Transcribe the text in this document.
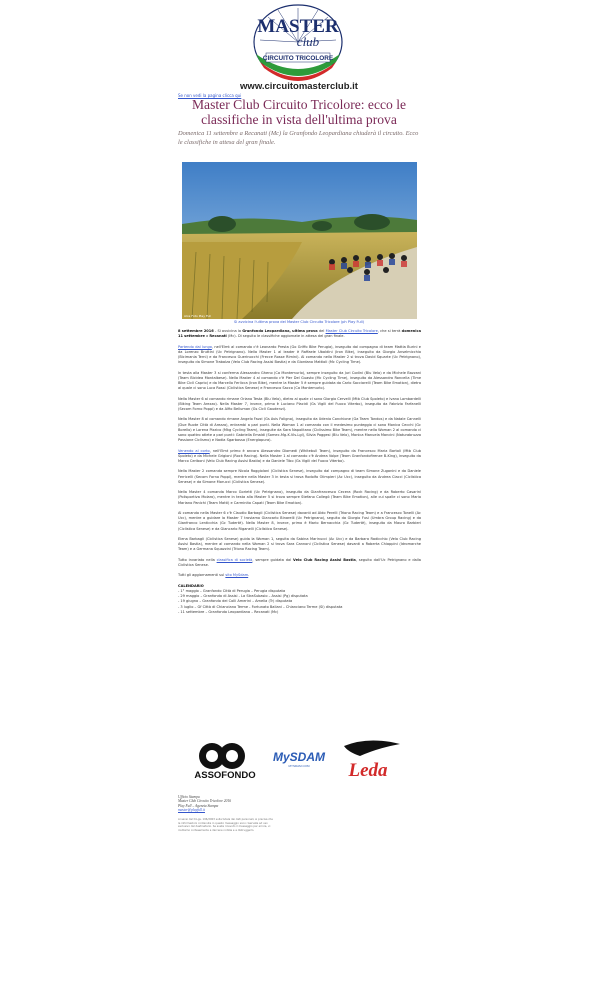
MASTER
club
CIRCUITO TRICOLORE
www.circuitomasterclub.it
Se non vedi la pagina clicca qui
Master Club Circuito Tricolore: ecco le classifiche in vista dell'ultima prova
Domenica 11 settembre a Recanati (Mc) la Granfondo Leopardiana chiuderà il circuito. Ecco le classifiche in attesa del gran finale.
Alca Foto Play Full
Si avvicina l'ultima prova del Master Club Circuito Tricolore (ph Play Full)

8 settembre 2016 - Si avvicina la Granfondo Leopardiana, ultima prova del Master Club Circuito Tricolore, che si terrà domenica 11 settembre a Recanati (Mc). Di seguito le classifiche aggiornate in attesa del gran finale.

Partendo dal lungo, nell'Elmt al comando c'è Leonardo Presta (Go Griffo Bike Perugia), inseguito dal compagno di team Mattia Burini e da Lorenzo Bruttini (Uc Petrignano). Nella Master 1 al leader è Raffaele Ubaldini (Iron Bike), inseguito da Giorgio Anselmicchio (Bicimania Terni) e da Francesco Guerinocchi (Frecce Rosse Rimini). Al comando nella Master 2 si trova David Squarte (Uc Petrignano), inseguito da Simone Trabalza (Velo Club Racing Assisi Bastia) e da Giordano Mattioli (Mc Cycling Time).

In testa alla Master 3 si conferma Alessandro Gheno (Ca Montemurlo), sempre inseguito da Juri Codini (Blu Velo) e da Michele Bazzani (Team Bicidea Montalbese). Nella Master 4 al comando c'è Pier Del Guasto (Mc Cycling Time), inseguito da Alessandro Roncella (Time Bike Ciclì Caprio) e da Marcello Ferlicca (Iron Bike), mentre la Master 5 è sempre guidata da Carlo Socciarelli (Team Bike Emotion), dietro al quale ci sono Luca Rossi (Ciclistica Senese) e Francesco Sacco (Ca Montemurlo).

Nella Master 6 al comando rimane Oriano Testa (Blu Velo), dietro al quale ci sono Giorgio Cervelli (Mtb Club Spoleto) e Ivano Lombardelli (Biking Team Arezzo). Nella Master 7, invece, primo è Luciano Placidi (Gs Vigili del Fuoco Viterbo), inseguito da Fabrizio Farfanelli (Secom Forno Poppi) e da Alfio Belluman (Gs Ciclì Gaudenzi).

Nella Master 8 al comando rimane Angelo Fazzi (Gs Avis Foligno), inseguito da Udenio Conchione (Ga Team Tondos) e da Natale Cannelli (Due Ruote Città di Arezzo), entrambi a pari punti. Nella Woman 1 al comando con il medesimo punteggio ci sono Monica Cecchi (Gc Borello) e Lorena Pizzico (Mkg Cycling Team), inseguite da Sara Napolitano (Ciclissimo Bike Team), mentre nella Woman 2 al comando ci sono quattro atlete a pari punti: Gabriella Emaldi (Somec-Mg-K.Vis-Lgl), Silvia Poggesi (Blu Velo), Monica Manuela Mancini (Naturabruzzo Passione Ciclismo) e Nadia Sgarbossa (Energiapura).

Venendo al corto, nell'Elmt primo è ancora Alessandro Diomedi (Whitebull Team), inseguito da Francesco Maria Bartoli (Mtb Club Spoleto) e da Michele Grigioni (Rock Racing). Nella Master 1 al comando c'è Andrea Volpe (Team Granfondofirenze B-King), inseguito da Marco Ceriboni (Velo Club Racing Assisi Bastia) e da Daniele Tibo (Gs Vigili del Fuoco Viterbo).

Nella Master 2 comanda sempre Nicola Roggiolani (Ciclistica Senese), inseguito dal compagno di team Simone Zuganini e da Daniele Ferricelli (Secom Forno Poppi), mentre nella Master 3 in testa si trova Rodolfo Olimpieri (Ac Ucc), inseguito da Andrea Ciacci (Ciclistica Senese) e da Simone Morucci (Ciclistica Senese).

Nella Master 4 comanda Marco Gorietti (Uc Petrignano), inseguito da Gianfrancesco Cecera (Rock Racing) e da Roberto Casarini (Polisportiva Molaro), mentre in testa alla Master 5 si trova sempre Stefano Collegò (Team Bike Emotion), alle cui spalle ci sono Mario Mariano Panichi (Team Matti) e Carminito Capati (Team Bike Emotion).

Al comando nella Master 6 c'è Claudio Barbagli (Ciclistica Senese) davanti ad Aldo Perelli (Triono Racing Team) e a Francesco Tonelli (Ac Ucc), mentre a guidare la Master 7 troviamo Giancarlo Binarelli (Uc Petrignano), seguito da Giorgio Fusi (Umbra Group Racing) e da Gianfranco Lenticchia (Gc Tudertè). Nella Master 8, invece, primo è Mario Bernacchia (Gc Tudertè), inseguito da Mauro Barbieri (Ciclistica Senese) e da Giancarlo Riganelli (Ciclistica Senese).

Elena Barbagli (Ciclistica Senese) guida la Woman 1, seguita da Sabina Marinucci (Ac Ucc) e da Barbara Radicchio (Velo Club Racing Assisi Bastia), mentre al comando nella Woman 2 si trova Sara Cannoni (Ciclistica Senese) davanti a Roberta Chiappini (Idromarche Team) e a Germana Squazzini (Triono Racing Team).

Tutto invariato nella classifica di società, sempre guidata dal Velo Club Racing Assisi Bastia, seguito dall'Uc Petrignano e dalla Ciclistica Senese.

Tutti gli aggiornamenti sul sito MySdam.

CALENDARIO
- 1° maggio – Granfondo Città di Perugia – Perugia disputata
- 29 maggio – Granfondo di Assisi - La StraSubasio – Assisi (Pg) disputata
- 19 giugno – Granfondo dei Colli Amerini – Amelia (Tr) disputata
- 3 luglio – Gf Città di Chianciano Terme - Fortunato Baliani – Chianciano Terme (Si) disputata
- 11 settembre – Granfondo Leopardiana – Recanati (Mc)
ASSOFONDO
MySDAM
MYSDAM.COM Leda
Ufficio Stampa
Master Club Circuito Tricolore 2016
Play Full – Agenzia Stampa
master@playfull.it
Ai sensi del D.Lgs. 196/2003 sulla tutela dei dati personali, si precisa che le informazioni contenute in questo messaggio sono riservate ad uso esclusivo del destinatario. Se avete ricevuto il messaggio per errore, vi invitiamo cortesemente a darcene notizia e a distruggerlo.
